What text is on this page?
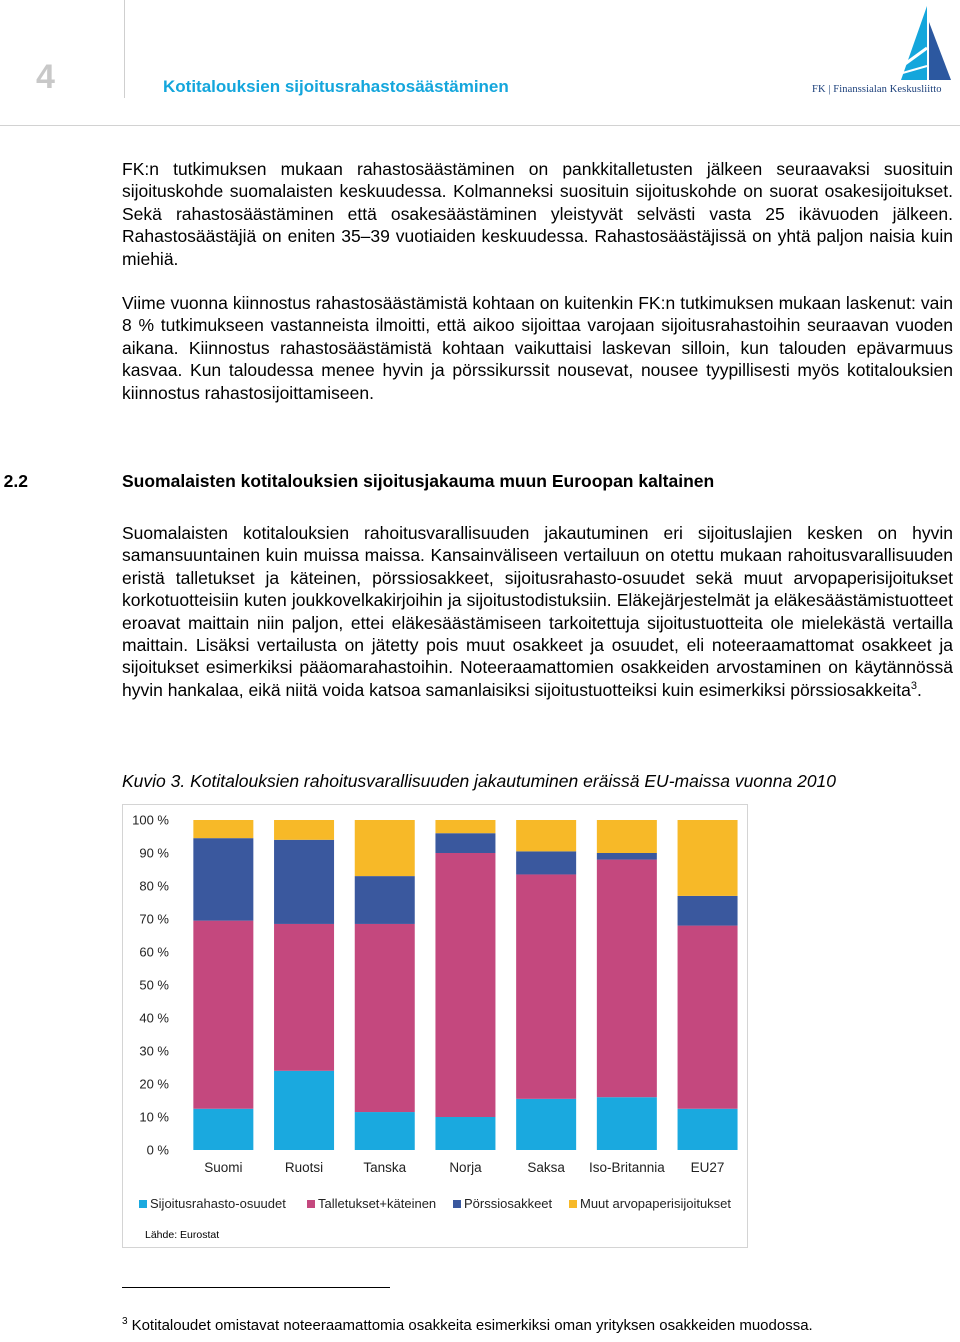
4	Kotitalouksien sijoitusrahastosäästäminen	FK | Finanssialan Keskusliitto

FK:n tutkimuksen mukaan rahastosäästäminen on pankkitalletusten jälkeen seuraavaksi suosituin sijoituskohde suomalaisten keskuudessa. Kolmanneksi suosituin sijoituskohde on suorat osakesijoitukset. Sekä rahastosäästäminen että osakesäästäminen yleistyvät selvästi vasta 25 ikävuoden jälkeen. Rahastosäästäjiä on eniten 35–39 vuotiaiden keskuudessa. Rahastosäästäjissä on yhtä paljon naisia kuin miehiä.

Viime vuonna kiinnostus rahastosäästämistä kohtaan on kuitenkin FK:n tutkimuksen mukaan laskenut: vain 8 % tutkimukseen vastanneista ilmoitti, että aikoo sijoittaa varojaan sijoitusrahastoihin seuraavan vuoden aikana. Kiinnostus rahastosäästämistä kohtaan vaikuttaisi laskevan silloin, kun talouden epävarmuus kasvaa. Kun taloudessa menee hyvin ja pörssikurssit nousevat, nousee tyypillisesti myös kotitalouksien kiinnostus rahastosijoittamiseen.

2.2	Suomalaisten kotitalouksien sijoitusjakauma muun Euroopan kaltainen

Suomalaisten kotitalouksien rahoitusvarallisuuden jakautuminen eri sijoituslajien kesken on hyvin samansuuntainen kuin muissa maissa. Kansainväliseen vertailuun on otettu mukaan rahoitusvarallisuuden eristä talletukset ja käteinen, pörssiosakkeet, sijoitusrahasto-osuudet sekä muut arvopaperisijoitukset korkotuotteisiin kuten joukkovelkakirjoihin ja sijoitustodistuksiin. Eläkejärjestelmät ja eläkesäästämistuotteet eroavat maittain niin paljon, ettei eläkesäästämiseen tarkoitettuja sijoitustuotteita ole mielekästä vertailla maittain. Lisäksi vertailusta on jätetty pois muut osakkeet ja osuudet, eli noteeraamattomat osakkeet ja sijoitukset esimerkiksi pääomarahastoihin. Noteeraamattomien osakkeiden arvostaminen on käytännössä hyvin hankalaa, eikä niitä voida katsoa samanlaisiksi sijoitustuotteiksi kuin esimerkiksi pörssiosakkeita$^3$.

Kuvio 3. Kotitalouksien rahoitusvarallisuuden jakautuminen eräissä EU-maissa vuonna 2010
0 %
10 %
20 %
30 %
40 %
50 %
60 %
70 %
80 %
90 %
100 %
Suomi	Ruotsi	Tanska	Norja	Saksa Iso-Britannia EU27
Sijoitusrahasto-osuudet Talletukset+käteinen Pörssiosakkeet Muut arvopaperisijoitukset
Lähde: Eurostat
$^3$ Kotitaloudet omistavat noteeraamattomia osakkeita esimerkiksi oman yrityksen osakkeiden muodossa.
